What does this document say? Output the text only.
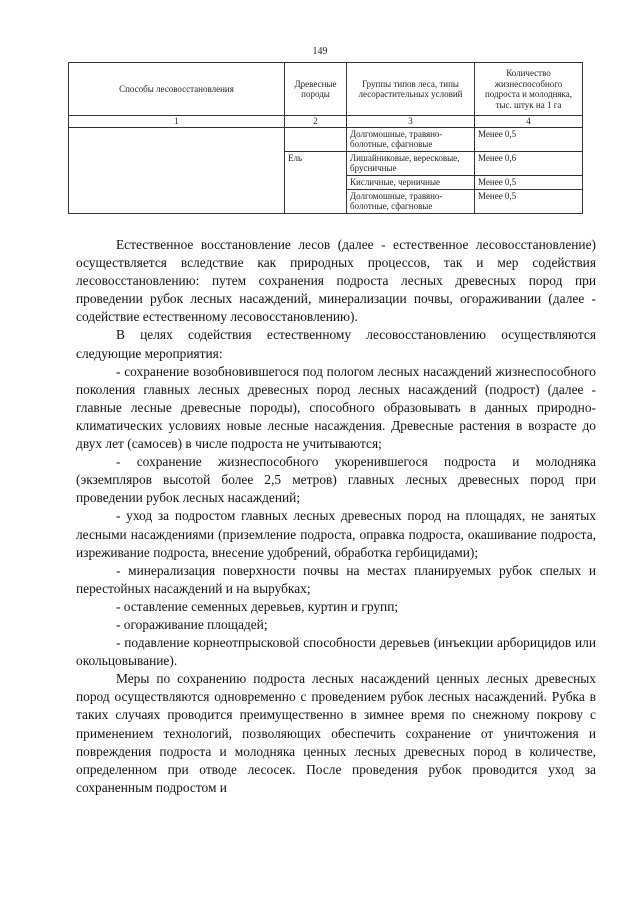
149
Способы лесовосстановления	Древесные породы	Группы типов леса, типы лесорастительных условий	Количество жизнеспособного подроста и молодняка, тыс. штук на 1 га
1	2	3	4
		Долгомошные, травяно-болотные, сфагновые	Менее 0,5
	Ель	Лишайниковые, вересковые, брусничные	Менее 0,6
		Кисличные, черничные	Менее 0,5
		Долгомошные, травяно-болотные, сфагновые	Менее 0,5

Естественное восстановление лесов (далее - естественное лесовосстановление) осуществляется вследствие как природных процессов, так и мер содействия лесовосстановлению: путем сохранения подроста лесных древесных пород при проведении рубок лесных насаждений, минерализации почвы, огораживании (далее - содействие естественному лесовосстановлению).

В целях содействия естественному лесовосстановлению осуществляются следующие мероприятия:

- сохранение возобновившегося под пологом лесных насаждений жизнеспособного поколения главных лесных древесных пород лесных насаждений (подрост) (далее - главные лесные древесные породы), способного образовывать в данных природно-климатических условиях новые лесные насаждения. Древесные растения в возрасте до двух лет (самосев) в числе подроста не учитываются;

- сохранение жизнеспособного укоренившегося подроста и молодняка (экземпляров высотой более 2,5 метров) главных лесных древесных пород при проведении рубок лесных насаждений;

- уход за подростом главных лесных древесных пород на площадях, не занятых лесными насаждениями (приземление подроста, оправка подроста, окашивание подроста, изреживание подроста, внесение удобрений, обработка гербицидами);

- минерализация поверхности почвы на местах планируемых рубок спелых и перестойных насаждений и на вырубках;

- оставление семенных деревьев, куртин и групп;

- огораживание площадей;

- подавление корнеотпрысковой способности деревьев (инъекции арборицидов или окольцовывание).

Меры по сохранению подроста лесных насаждений ценных лесных древесных пород осуществляются одновременно с проведением рубок лесных насаждений. Рубка в таких случаях проводится преимущественно в зимнее время по снежному покрову с применением технологий, позволяющих обеспечить сохранение от уничтожения и повреждения подроста и молодняка ценных лесных древесных пород в количестве, определенном при отводе лесосек. После проведения рубок проводится уход за сохраненным подростом и
